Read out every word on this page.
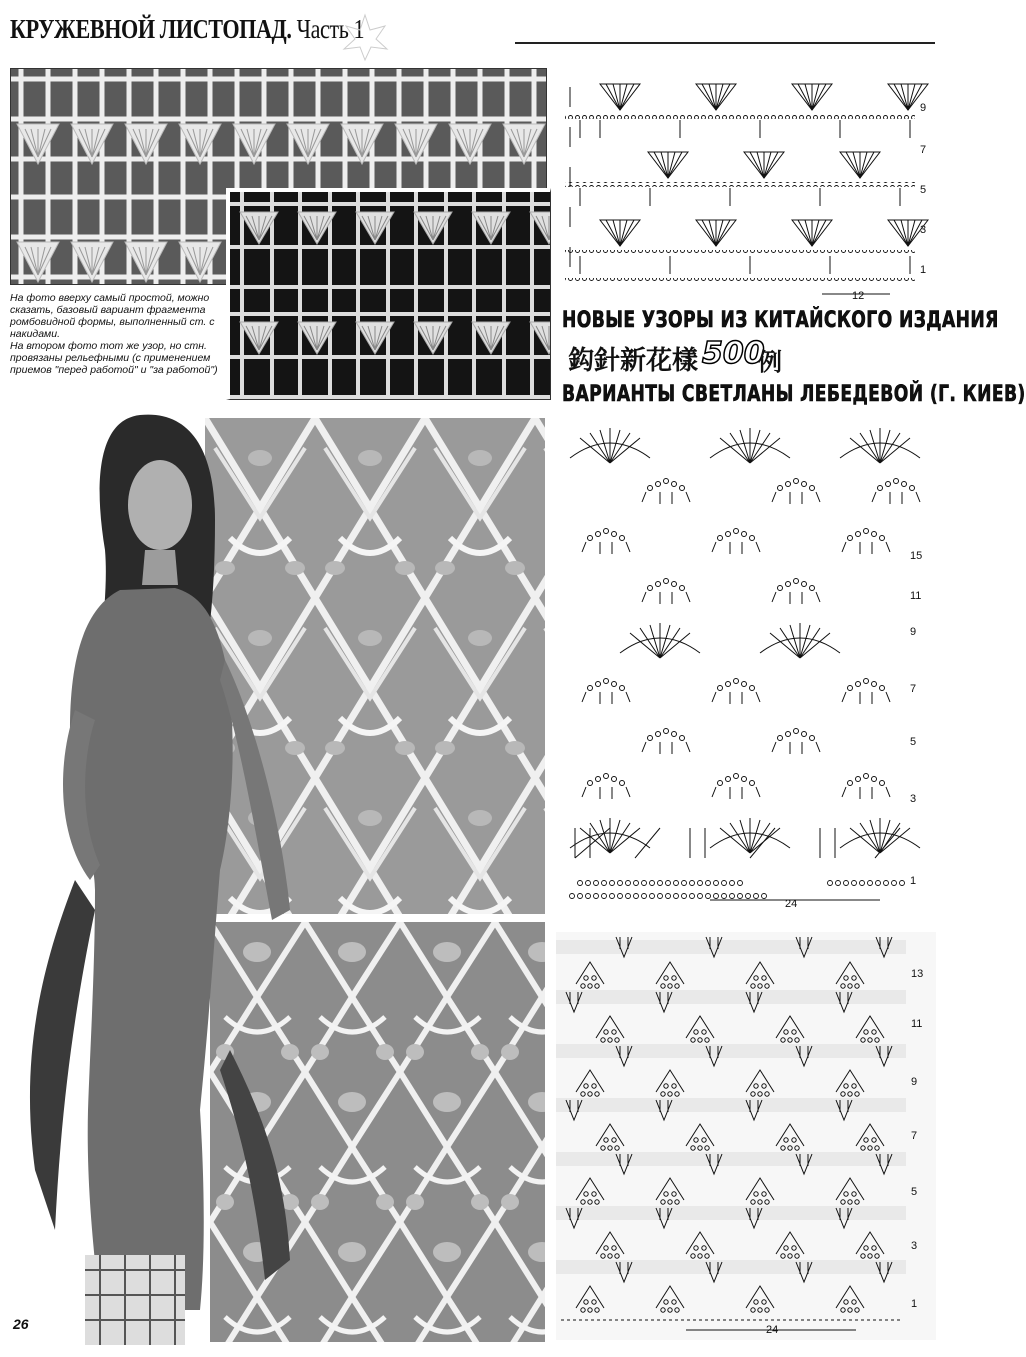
КРУЖЕВНОЙ ЛИСТОПАД. Часть 1

На фото вверху самый простой, можно сказать, базовый вариант фрагмента ромбовидной формы, выполненный ст. с накидами.

На втором фото тот же узор, но стн. провязаны рельефными (с применением приемов "перед работой" и "за работой")

26
9
7
5
3
1
12
НОВЫЕ УЗОРЫ ИЗ КИТАЙСКОГО ИЗДАНИЯ
鈎針新花樣 500
例
ВАРИАНТЫ СВЕТЛАНЫ ЛЕБЕДЕВОЙ (Г. КИЕВ)
15
11
9
7
5
3
1
24
13
11
9
7
5
3
1
24
